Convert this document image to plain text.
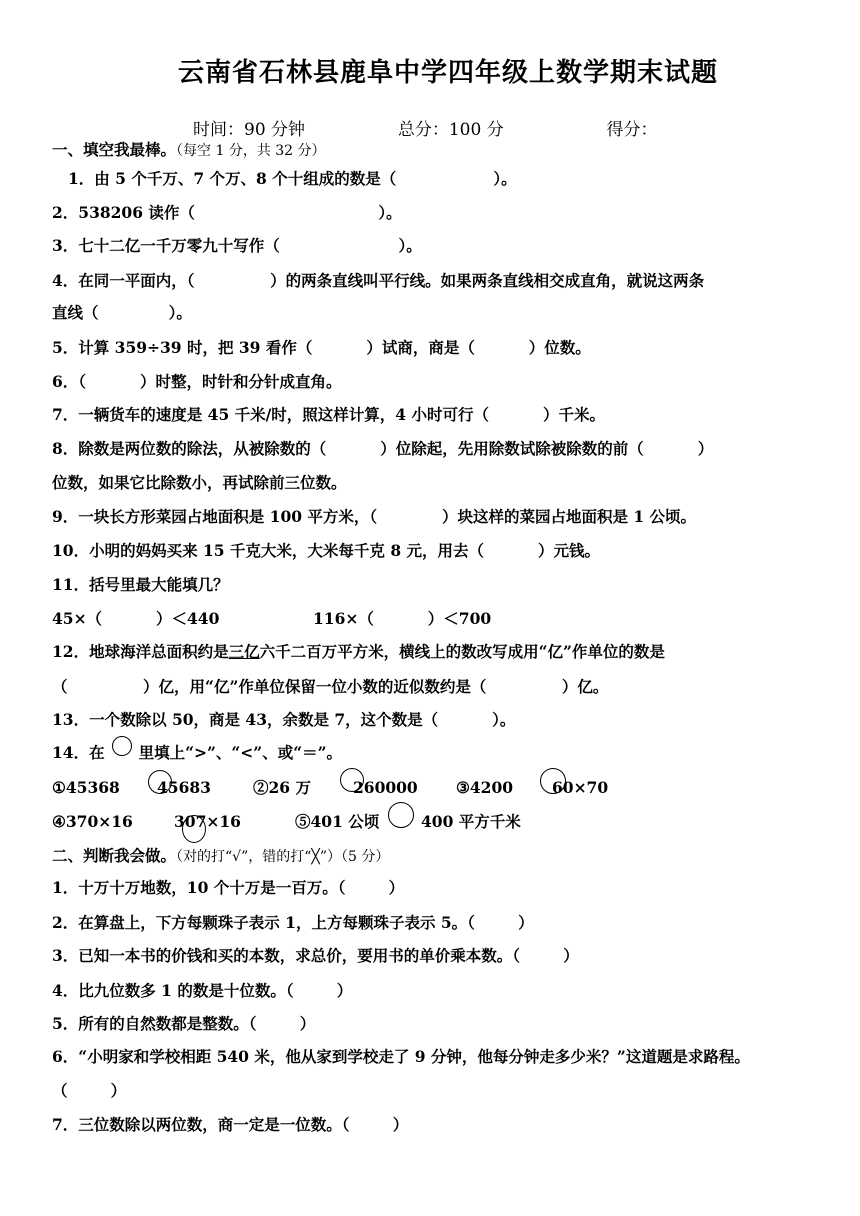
云南省石林县鹿阜中学四年级上数学期末试题
时间：90 分钟	总分：100 分	得分：
一、填空我最棒。（每空 1 分，共 32 分）
1．由 5 个千万、7 个万、8 个十组成的数是（                  ）。
2．538206 读作（                                  ）。
3．七十二亿一千万零九十写作（                      ）。
4．在同一平面内，（              ）的两条直线叫平行线。如果两条直线相交成直角，就说这两条
直线（             ）。
5．计算 359÷39 时，把 39 看作（          ）试商，商是（          ）位数。
6．（          ）时整，时针和分针成直角。
7．一辆货车的速度是 45 千米/时，照这样计算，4 小时可行（          ）千米。
8．除数是两位数的除法，从被除数的（          ）位除起，先用除数试除被除数的前（          ）
位数，如果它比除数小，再试除前三位数。
9．一块长方形菜园占地面积是 100 平方米，（            ）块这样的菜园占地面积是 1 公顷。
10．小明的妈妈买来 15 千克大米，大米每千克 8 元，用去（          ）元钱。
11．括号里最大能填几？
45×（          ）＜440	116×（          ）＜700
12．地球海洋总面积约是三亿六千二百万平方米，横线上的数改写成用“亿”作单位的数是
（              ）亿，用“亿”作单位保留一位小数的近似数约是（              ）亿。
13．一个数除以 50，商是 43，余数是 7，这个数是（          ）。
14．在 里填上“>”、“<”、或“＝”。
①45368 45683	②26 万	260000 ③4200	60×70
④370×16	307×16	⑤401 公顷	400 平方千米
二、判断我会做。（对的打“√”，错的打“╳”）（5 分）
1．十万十万地数，10 个十万是一百万。（        ）
2．在算盘上，下方每颗珠子表示 1，上方每颗珠子表示 5。（        ）
3．已知一本书的价钱和买的本数，求总价，要用书的单价乘本数。（        ）
4．比九位数多 1 的数是十位数。（        ）
5．所有的自然数都是整数。（        ）
6．“小明家和学校相距 540 米，他从家到学校走了 9 分钟，他每分钟走多少米？”这道题是求路程。
（        ）
7．三位数除以两位数，商一定是一位数。（        ）
